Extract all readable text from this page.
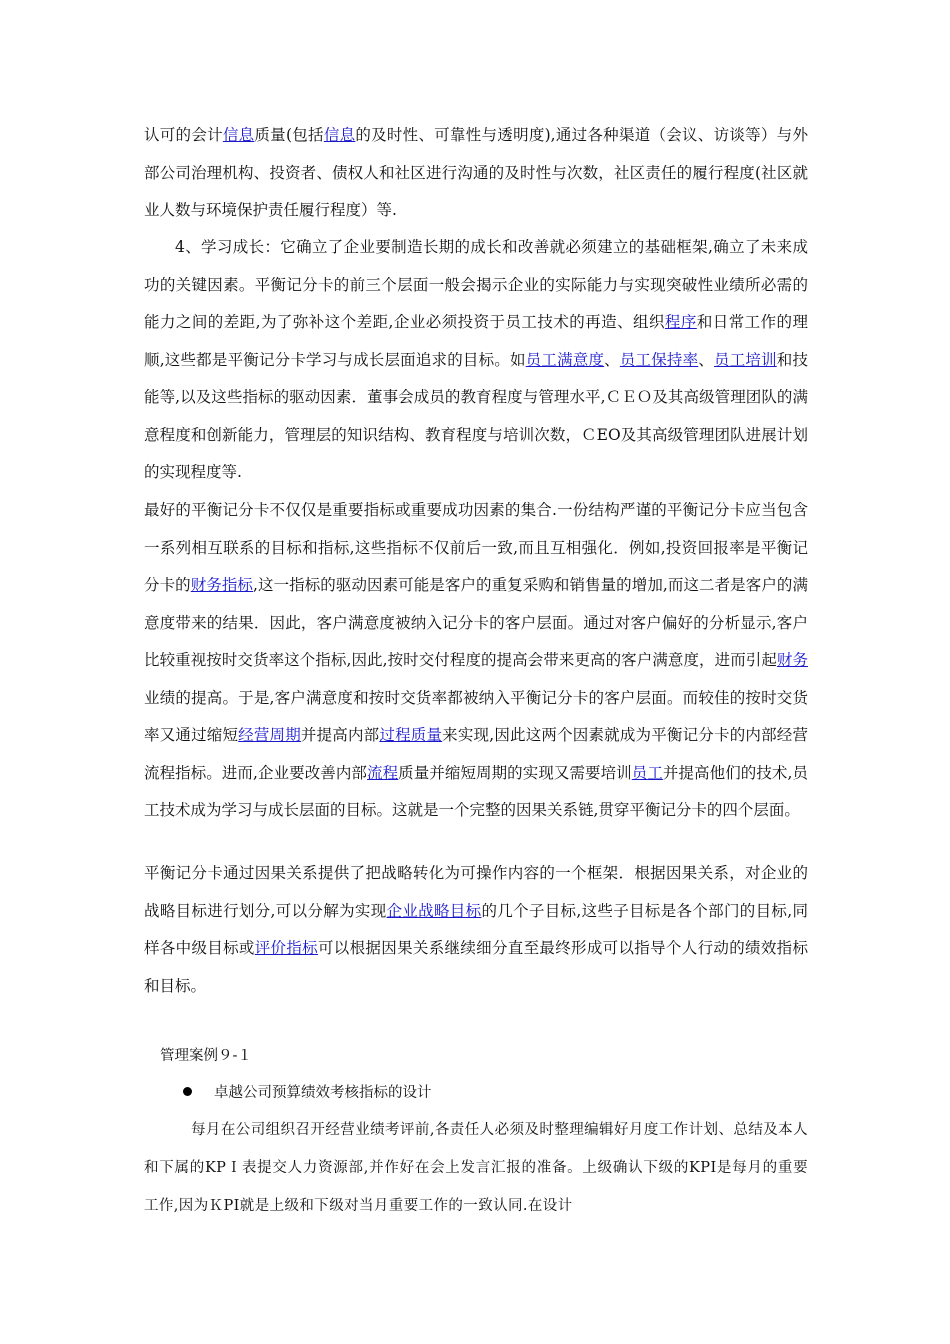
认可的会计信息质量(包括信息的及时性、可靠性与透明度),通过各种渠道（会议、访谈等）与外部公司治理机构、投资者、债权人和社区进行沟通的及时性与次数，社区责任的履行程度(社区就业人数与环境保护责任履行程度）等.

4、学习成长：它确立了企业要制造长期的成长和改善就必须建立的基础框架,确立了未来成功的关键因素。平衡记分卡的前三个层面一般会揭示企业的实际能力与实现突破性业绩所必需的能力之间的差距,为了弥补这个差距,企业必须投资于员工技术的再造、组织程序和日常工作的理顺,这些都是平衡记分卡学习与成长层面追求的目标。如员工满意度、员工保持率、员工培训和技能等,以及这些指标的驱动因素．董事会成员的教育程度与管理水平,ＣＥＯ及其高级管理团队的满意程度和创新能力，管理层的知识结构、教育程度与培训次数，ＣEO及其高级管理团队进展计划的实现程度等.

最好的平衡记分卡不仅仅是重要指标或重要成功因素的集合.一份结构严谨的平衡记分卡应当包含一系列相互联系的目标和指标,这些指标不仅前后一致,而且互相强化．例如,投资回报率是平衡记分卡的财务指标,这一指标的驱动因素可能是客户的重复采购和销售量的增加,而这二者是客户的满意度带来的结果．因此，客户满意度被纳入记分卡的客户层面。通过对客户偏好的分析显示,客户比较重视按时交货率这个指标,因此,按时交付程度的提高会带来更高的客户满意度，进而引起财务业绩的提高。于是,客户满意度和按时交货率都被纳入平衡记分卡的客户层面。而较佳的按时交货率又通过缩短经营周期并提高内部过程质量来实现,因此这两个因素就成为平衡记分卡的内部经营流程指标。进而,企业要改善内部流程质量并缩短周期的实现又需要培训员工并提高他们的技术,员工技术成为学习与成长层面的目标。这就是一个完整的因果关系链,贯穿平衡记分卡的四个层面。

平衡记分卡通过因果关系提供了把战略转化为可操作内容的一个框架．根据因果关系，对企业的战略目标进行划分,可以分解为实现企业战略目标的几个子目标,这些子目标是各个部门的目标,同样各中级目标或评价指标可以根据因果关系继续细分直至最终形成可以指导个人行动的绩效指标和目标。

管理案例９-１
卓越公司预算绩效考核指标的设计

每月在公司组织召开经营业绩考评前,各责任人必须及时整理编辑好月度工作计划、总结及本人和下属的KPＩ表提交人力资源部,并作好在会上发言汇报的准备。上级确认下级的KPI是每月的重要工作,因为ＫPI就是上级和下级对当月重要工作的一致认同.在设计
